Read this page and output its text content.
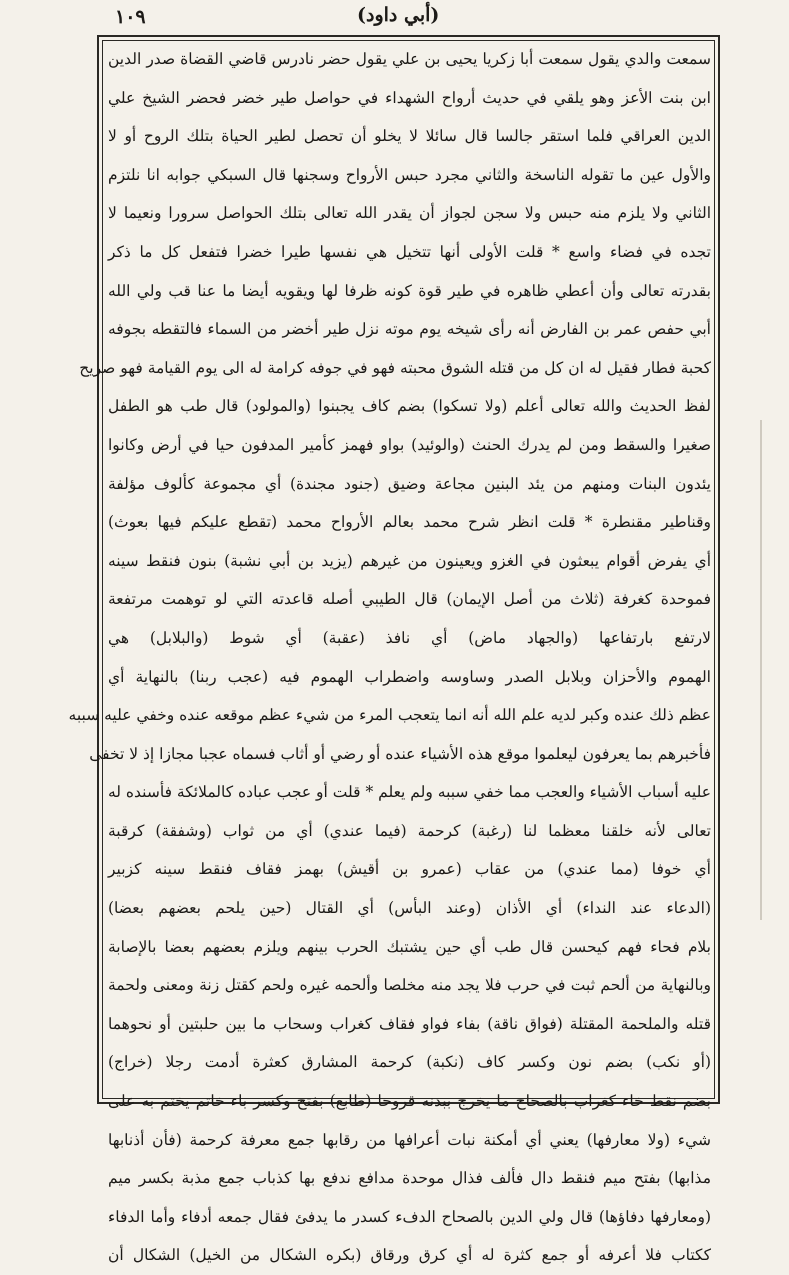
١٠٩	(أبي داود)
سمعت والدي يقول سمعت أبا زكريا يحيى بن علي يقول حضر نادرس قاضي القضاة صدر الدين
ابن بنت الأعز وهو يلقي في حديث أرواح الشهداء في حواصل طير خضر فحضر الشيخ علي
الدين العراقي فلما استقر جالسا قال سائلا لا يخلو أن تحصل لطير الحياة بتلك الروح أو لا
والأول عين ما تقوله الناسخة والثاني مجرد حبس الأرواح وسجنها قال السبكي جوابه انا نلتزم
الثاني ولا يلزم منه حبس ولا سجن لجواز أن يقدر الله تعالى بتلك الحواصل سرورا ونعيما لا
تجده في فضاء واسع * قلت الأولى أنها تتخيل هي نفسها طيرا خضرا فتفعل كل ما ذكر
بقدرته تعالى وأن أعطي ظاهره في طير قوة كونه ظرفا لها ويقويه أيضا ما عنا قب ولي الله
أبي حفص عمر بن الفارض أنه رأى شيخه يوم موته نزل طير أخضر من السماء فالتقطه بجوفه
كحبة فطار فقيل له ان كل من قتله الشوق محبته فهو في جوفه كرامة له الى يوم القيامة فهو صريح
لفظ الحديث والله تعالى أعلم (ولا تسكوا) بضم كاف يجبنوا (والمولود) قال طب هو الطفل
صغيرا والسقط ومن لم يدرك الحنث (والوئيد) بواو فهمز كأمير المدفون حيا في أرض وكانوا
يئدون البنات ومنهم من يئد البنين مجاعة وضيق (جنود مجندة) أي مجموعة كألوف مؤلفة
وقناطير مقنطرة * قلت انظر شرح محمد بعالم الأرواح محمد (تقطع عليكم فيها بعوث)
أي يفرض أقوام يبعثون في الغزو ويعينون من غيرهم (يزيد بن أبي نشبة) بنون فنقط سينه
فموحدة كغرفة (ثلاث من أصل الإيمان) قال الطيبي أصله قاعدته التي لو توهمت مرتفعة
لارتفع بارتفاعها (والجهاد ماض) أي نافذ (عقبة) أي شوط (والبلابل) هي
الهموم والأحزان وبلابل الصدر وساوسه واضطراب الهموم فيه (عجب ربنا) بالنهاية أي
عظم ذلك عنده وكبر لديه علم الله أنه انما يتعجب المرء من شيء عظم موقعه عنده وخفي عليه سببه
فأخبرهم بما يعرفون ليعلموا موقع هذه الأشياء عنده أو رضي أو أثاب فسماه عجبا مجازا إذ لا تخفى
عليه أسباب الأشياء والعجب مما خفي سببه ولم يعلم * قلت أو عجب عباده كالملائكة فأسنده له
تعالى لأنه خلقنا معظما لنا (رغبة) كرحمة (فيما عندي) أي من ثواب (وشفقة) كرقبة
أي خوفا (مما عندي) من عقاب (عمرو بن أقيش) بهمز فقاف فنقط سينه كزبير
(الدعاء عند النداء) أي الأذان (وعند البأس) أي القتال (حين يلحم بعضهم بعضا)
بلام فحاء فهم كيحسن قال طب أي حين يشتبك الحرب بينهم ويلزم بعضهم بعضا بالإصابة
وبالنهاية من ألحم ثبت في حرب فلا يجد منه مخلصا وألحمه غيره ولحم كقتل زنة ومعنى ولحمة
قتله والملحمة المقتلة (فواق ناقة) بفاء فواو فقاف كغراب وسحاب ما بين حلبتين أو نحوهما
(أو نكب) بضم نون وكسر كاف (نكبة) كرحمة المشارق كعثرة أدمت رجلا (خراج)
بضم نقط خاء كغراب بالصحاح ما يخرج ببدنه قروحا (طابع) بفتح وكسر باء خاتم يختم به على
شيء (ولا معارفها) يعني أي أمكنة نبات أعرافها من رقابها جمع معرفة كرحمة (فأن أذنابها
مذابها) بفتح ميم فنقط دال فألف فذال موحدة مدافع ندفع بها كذباب جمع مذبة بكسر ميم
(ومعارفها دفاؤها) قال ولي الدين بالصحاح الدفء كسدر ما يدفئ فقال جمعه أدفاء وأما الدفاء
ككتاب فلا أعرفه أو جمع كثرة له أي كرق ورقاق (بكره الشكال من الخيل) الشكال أن
